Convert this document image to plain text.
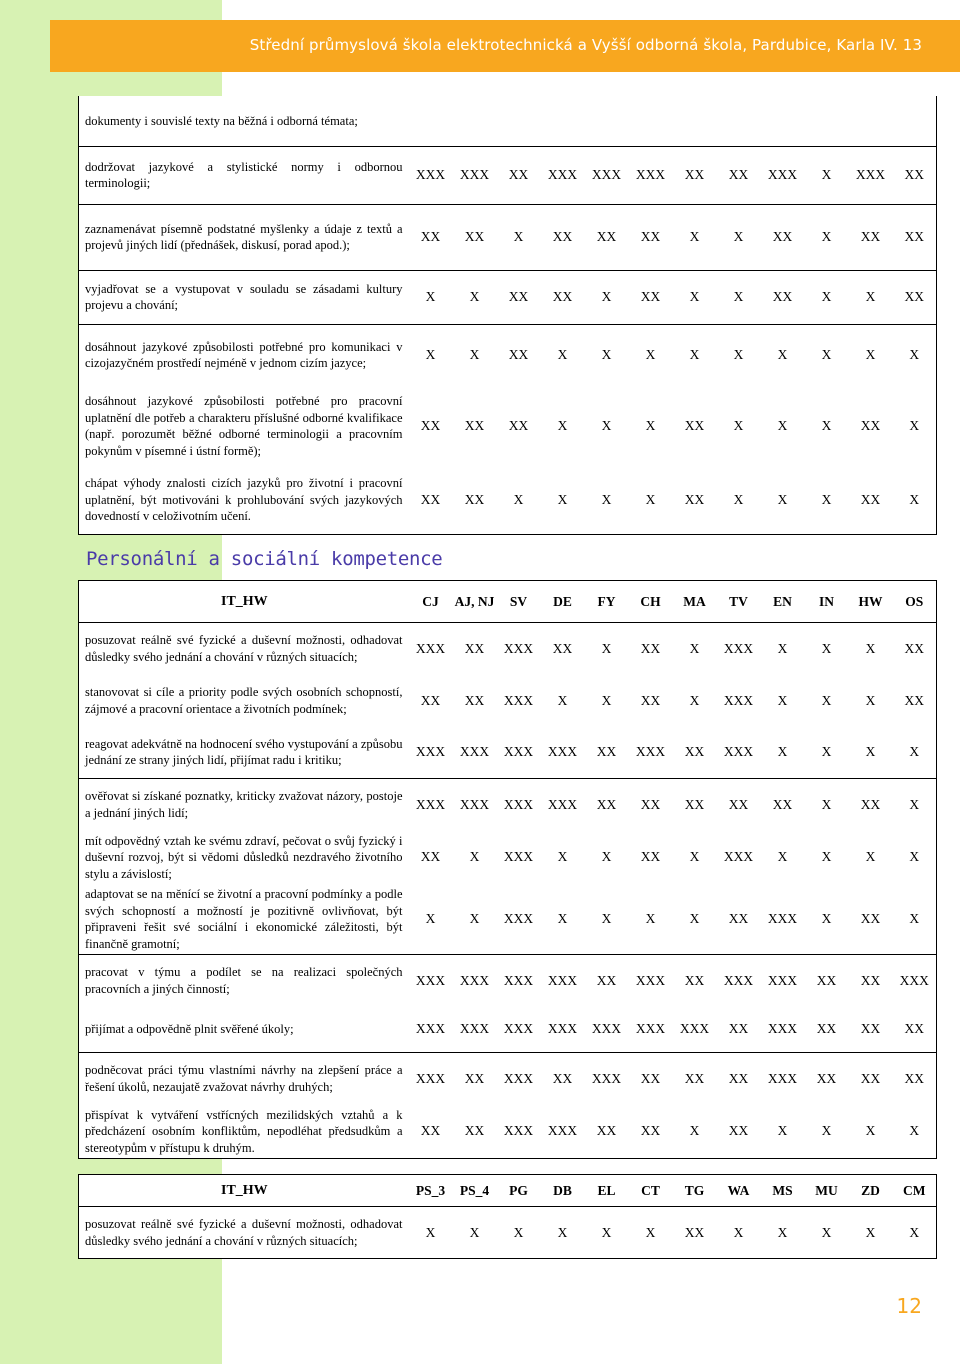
Střední průmyslová škola elektrotechnická a Vyšší odborná škola, Pardubice, Karla IV. 13
dokumenty i souvislé texty na běžná i odborná témata;												
dodržovat jazykové a stylistické normy i odbornou terminologii;	XXX	XXX	XX	XXX	XXX	XXX	XX	XX	XXX	X	XXX	XX
zaznamenávat písemně podstatné myšlenky a údaje z textů a projevů jiných lidí (přednášek, diskusí, porad apod.);	XX	XX	X	XX	XX	XX	X	X	XX	X	XX	XX
vyjadřovat se a vystupovat v souladu se zásadami kultury projevu a chování;	X	X	XX	XX	X	XX	X	X	XX	X	X	XX
dosáhnout jazykové způsobilosti potřebné pro komunikaci v cizojazyčném prostředí nejméně v jednom cizím jazyce;	X	X	XX	X	X	X	X	X	X	X	X	X
dosáhnout jazykové způsobilosti potřebné pro pracovní uplatnění dle potřeb a charakteru příslušné odborné kvalifikace (např. porozumět běžné odborné terminologii a pracovním pokynům v písemné i ústní formě);	XX	XX	XX	X	X	X	XX	X	X	X	XX	X
chápat výhody znalosti cizích jazyků pro životní i pracovní uplatnění, být motivováni k prohlubování svých jazykových dovedností v celoživotním učení.	XX	XX	X	X	X	X	XX	X	X	X	XX	X
Personální a sociální kompetence
IT_HW	CJ	AJ, NJ	SV	DE	FY	CH	MA	TV	EN	IN	HW	OS
posuzovat reálně své fyzické a duševní možnosti, odhadovat důsledky svého jednání a chování v různých situacích;	XXX	XX	XXX	XX	X	XX	X	XXX	X	X	X	XX
stanovovat si cíle a priority podle svých osobních schopností, zájmové a pracovní orientace a životních podmínek;	XX	XX	XXX	X	X	XX	X	XXX	X	X	X	XX
reagovat adekvátně na hodnocení svého vystupování a způsobu jednání ze strany jiných lidí, přijímat radu i kritiku;	XXX	XXX	XXX	XXX	XX	XXX	XX	XXX	X	X	X	X
ověřovat si získané poznatky, kriticky zvažovat názory, postoje a jednání jiných lidí;	XXX	XXX	XXX	XXX	XX	XX	XX	XX	XX	X	XX	X
mít odpovědný vztah ke svému zdraví, pečovat o svůj fyzický i duševní rozvoj, být si vědomi důsledků nezdravého životního stylu a závislostí;	XX	X	XXX	X	X	XX	X	XXX	X	X	X	X
adaptovat se na měnící se životní a pracovní podmínky a podle svých schopností a možností je pozitivně ovlivňovat, být připraveni řešit své sociální i ekonomické záležitosti, být finančně gramotní;	X	X	XXX	X	X	X	X	XX	XXX	X	XX	X
pracovat v týmu a podílet se na realizaci společných pracovních a jiných činností;	XXX	XXX	XXX	XXX	XX	XXX	XX	XXX	XXX	XX	XX	XXX
přijímat a odpovědně plnit svěřené úkoly;	XXX	XXX	XXX	XXX	XXX	XXX	XXX	XX	XXX	XX	XX	XX
podněcovat práci týmu vlastními návrhy na zlepšení práce a řešení úkolů, nezaujatě zvažovat návrhy druhých;	XXX	XX	XXX	XX	XXX	XX	XX	XX	XXX	XX	XX	XX
přispívat k vytváření vstřícných mezilidských vztahů a k předcházení osobním konfliktům, nepodléhat předsudkům a stereotypům v přístupu k druhým.	XX	XX	XXX	XXX	XX	XX	X	XX	X	X	X	X
IT_HW	PS_3	PS_4	PG	DB	EL	CT	TG	WA	MS	MU	ZD	CM
posuzovat reálně své fyzické a duševní možnosti, odhadovat důsledky svého jednání a chování v různých situacích;	X	X	X	X	X	X	XX	X	X	X	X	X
12
